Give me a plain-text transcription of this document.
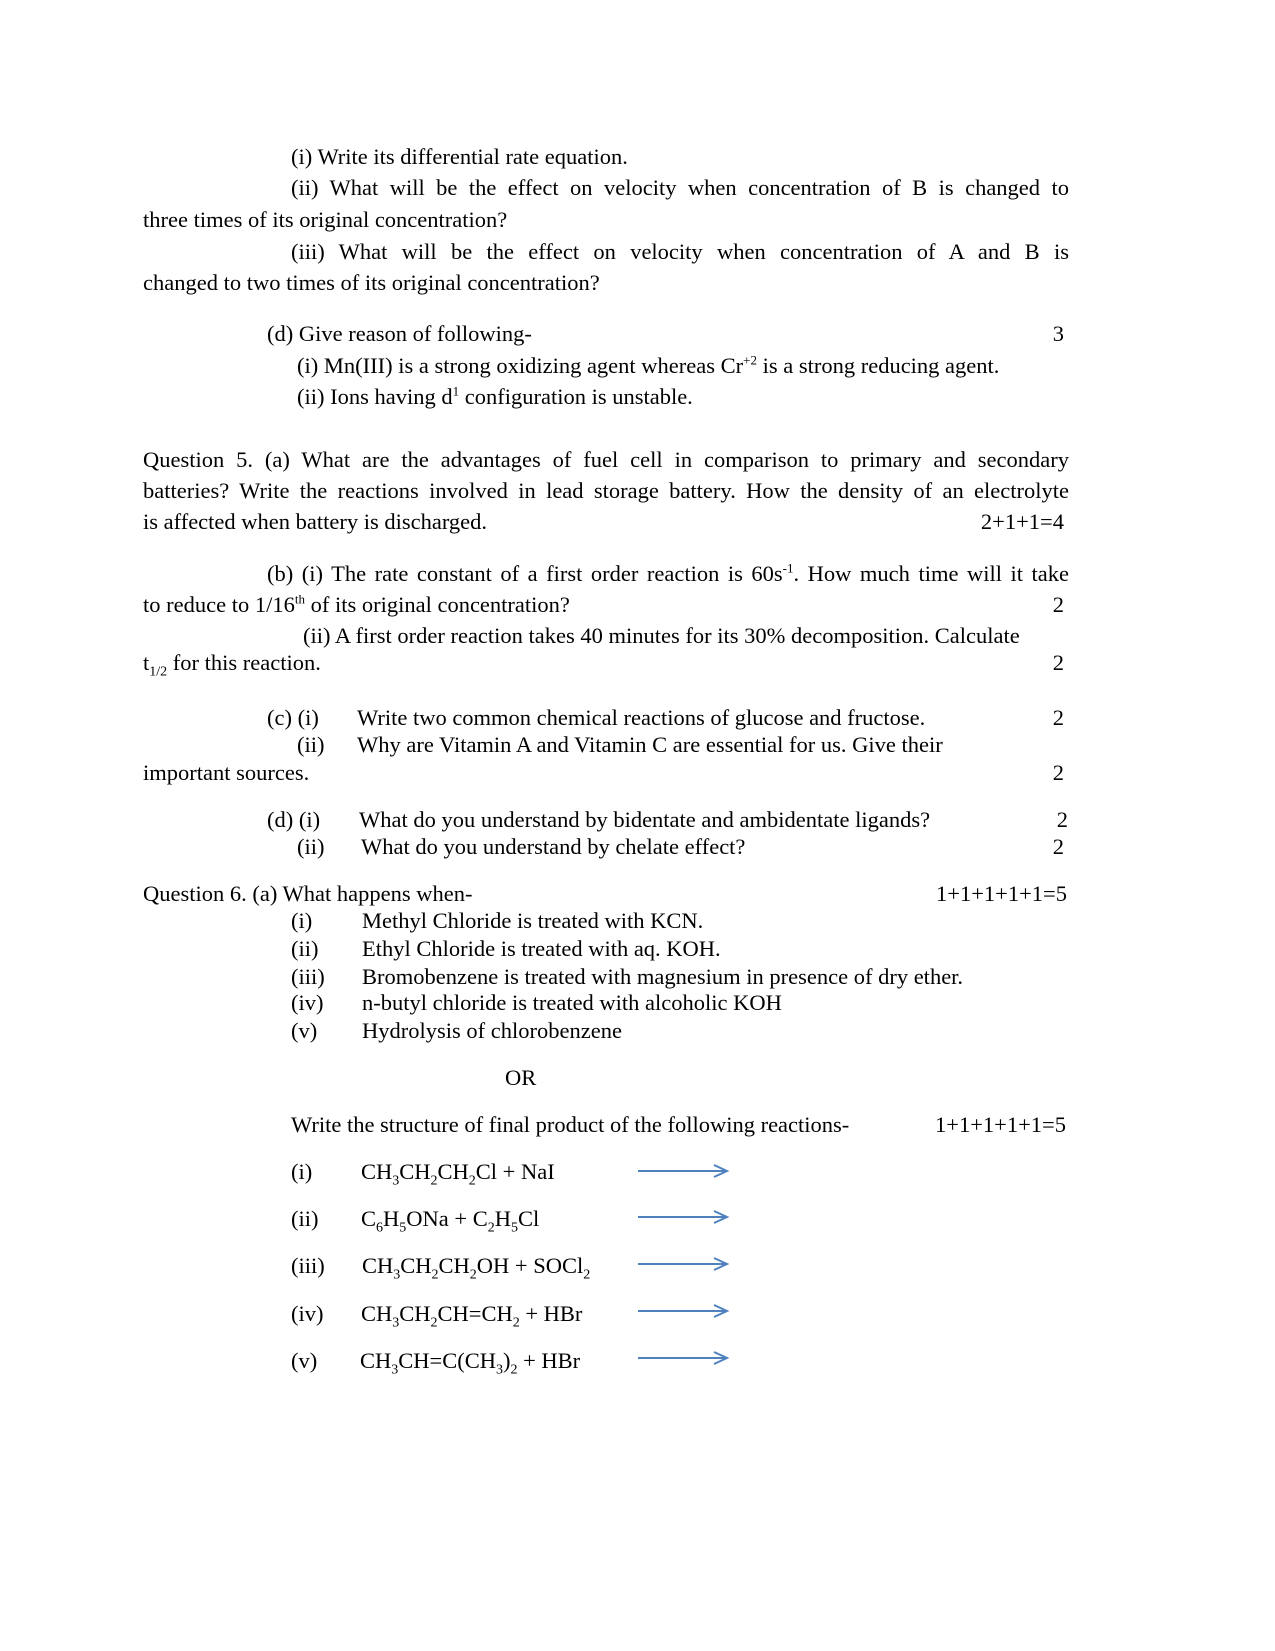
(i) Write its differential rate equation.
(ii) What will be the effect on velocity when concentration of B is changed to
three times of its original concentration?
(iii) What will be the effect on velocity when concentration of A and B is
changed to two times of its original concentration?
(d) Give reason of following-	3
(i) Mn(III) is a strong oxidizing agent whereas $Cr^{+2}$ is a strong reducing agent.
(ii) Ions having $d^1$ configuration is unstable.
Question 5. (a) What are the advantages of fuel cell in comparison to primary and secondary
batteries? Write the reactions involved in lead storage battery. How the density of an electrolyte
is affected when battery is discharged.	2+1+1=4
(b) (i) The rate constant of a first order reaction is $60s^{-1}$. How much time will it take
to reduce to 1/16th of its original concentration?	2
(ii) A first order reaction takes 40 minutes for its 30% decomposition. Calculate
$t_{1/2}$ for this reaction.	2
(c) (i) Write two common chemical reactions of glucose and fructose.	2
(ii) Why are Vitamin A and Vitamin C are essential for us. Give their
important sources.	2
(d) (i) What do you understand by bidentate and ambidentate ligands?	2
(ii) What do you understand by chelate effect?	2
Question 6. (a) What happens when-	1+1+1+1+1=5
(i) Methyl Chloride is treated with KCN.
(ii) Ethyl Chloride is treated with aq. KOH.
(iii) Bromobenzene is treated with magnesium in presence of dry ether.
(iv) n-butyl chloride is treated with alcoholic KOH
(v) Hydrolysis of chlorobenzene
OR
Write the structure of final product of the following reactions-	1+1+1+1+1=5
(i) $CH_3CH_2CH_2Cl$ + NaI
(ii) $C_6H_5ONa + C_2H_5Cl$
(iii) $CH_3CH_2CH_2OH$ + SOCl$_2$
(iv) $CH_3CH_2CH=CH_2$ + HBr
(v) $CH_3CH=C(CH_3)_2$ + HBr
